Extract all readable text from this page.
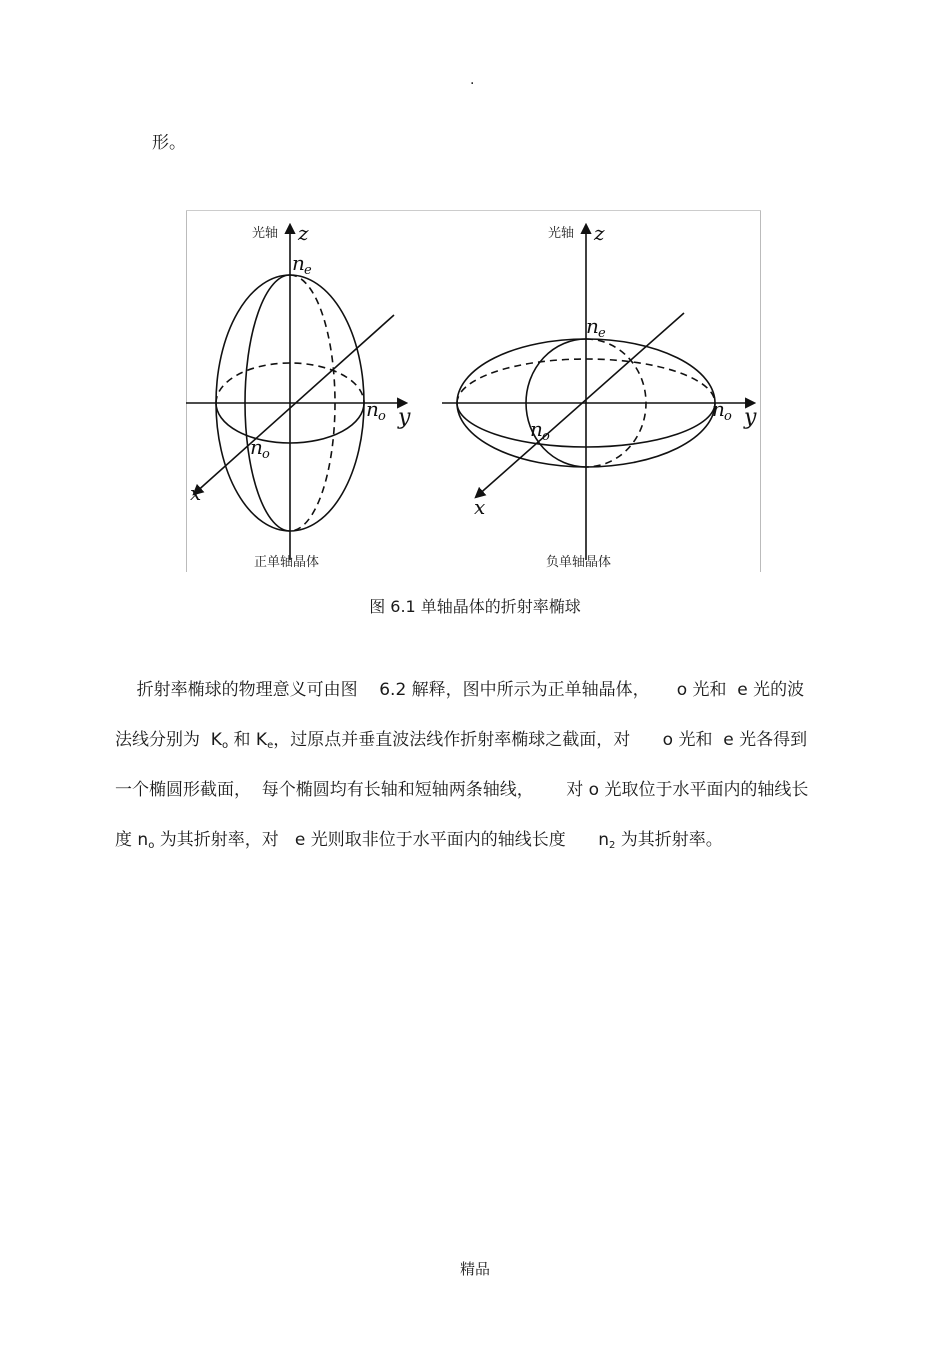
.
形。
光轴 z
n e
n o y
n o
x
正单轴晶体
光轴 z
n e
n o y
n o
x
负单轴晶体
图 6.1 单轴晶体的折射率椭球
折射率椭球的物理意义可由图    6.2 解释，图中所示为正单轴晶体，     o 光和  e 光的波
法线分别为  $K_o$ 和 $K_e$，过原点并垂直波法线作折射率椭球之截面，对      o 光和  e 光各得到
一个椭圆形截面，  每个椭圆均有长轴和短轴两条轴线，      对 o 光取位于水平面内的轴线长
度 $n_o$ 为其折射率，对   e 光则取非位于水平面内的轴线长度      $n_2$ 为其折射率。
精品
